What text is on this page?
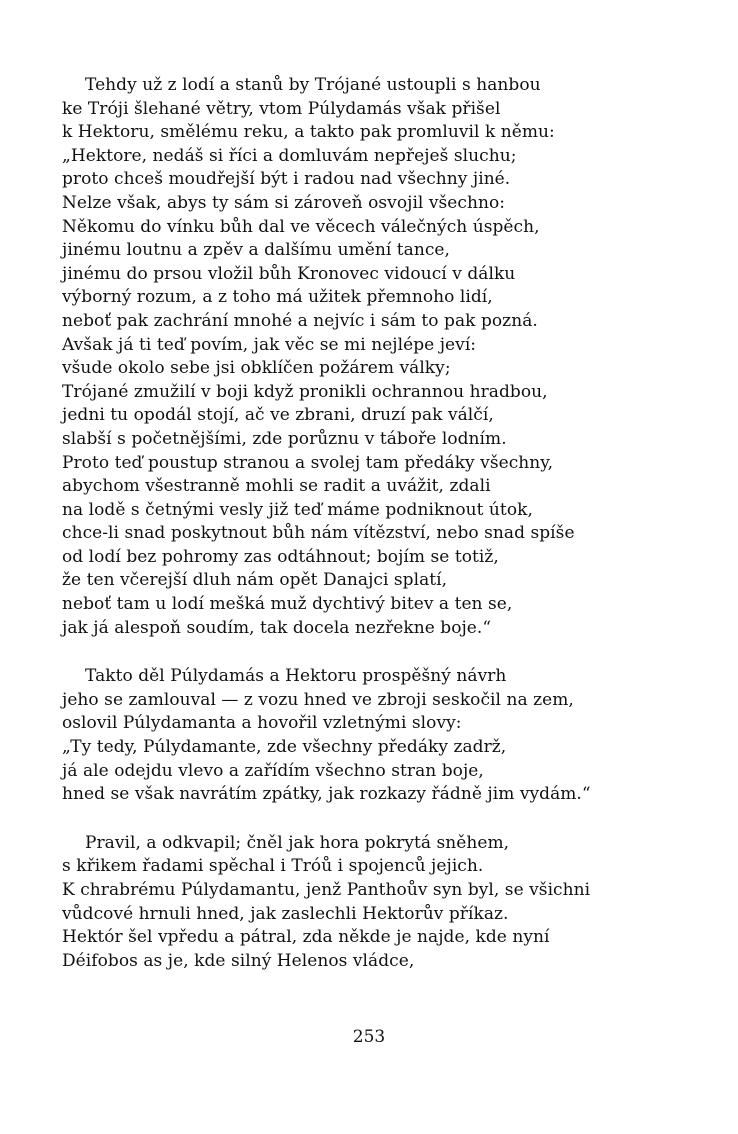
Tehdy už z lodí a stanů by Trójané ustoupli s hanbou
ke Tróji šlehané větry, vtom Púlydamás však přišel
k Hektoru, smělému reku, a takto pak promluvil k němu:
„Hektore, nedáš si říci a domluvám nepřeješ sluchu;
proto chceš moudřejší být i radou nad všechny jiné.
Nelze však, abys ty sám si zároveň osvojil všechno:
Někomu do vínku bůh dal ve věcech válečných úspěch,
jinému loutnu a zpěv a dalšímu umění tance,
jinému do prsou vložil bůh Kronovec vidoucí v dálku
výborný rozum, a z toho má užitek přemnoho lidí,
neboť pak zachrání mnohé a nejvíc i sám to pak pozná.
Avšak já ti teď povím, jak věc se mi nejlépe jeví:
všude okolo sebe jsi obklíčen požárem války;
Trójané zmužilí v boji když pronikli ochrannou hradbou,
jedni tu opodál stojí, ač ve zbrani, druzí pak válčí,
slabší s početnějšími, zde porůznu v táboře lodním.
Proto teď poustup stranou a svolej tam předáky všechny,
abychom všestranně mohli se radit a uvážit, zdali
na lodě s četnými vesly již teď máme podniknout útok,
chce-li snad poskytnout bůh nám vítězství, nebo snad spíše
od lodí bez pohromy zas odtáhnout; bojím se totiž,
že ten včerejší dluh nám opět Danajci splatí,
neboť tam u lodí mešká muž dychtivý bitev a ten se,
jak já alespoň soudím, tak docela nezřekne boje.“
Takto děl Púlydamás a Hektoru prospěšný návrh
jeho se zamlouval — z vozu hned ve zbroji seskočil na zem,
oslovil Púlydamanta a hovořil vzletnými slovy:
„Ty tedy, Púlydamante, zde všechny předáky zadrž,
já ale odejdu vlevo a zařídím všechno stran boje,
hned se však navrátím zpátky, jak rozkazy řádně jim vydám.“
Pravil, a odkvapil; čněl jak hora pokrytá sněhem,
s křikem řadami spěchal i Tróů i spojenců jejich.
K chrabrému Púlydamantu, jenž Panthoův syn byl, se všichni
vůdcové hrnuli hned, jak zaslechli Hektorův příkaz.
Hektór šel vpředu a pátral, zda někde je najde, kde nyní
Déifobos as je, kde silný Helenos vládce,
253
